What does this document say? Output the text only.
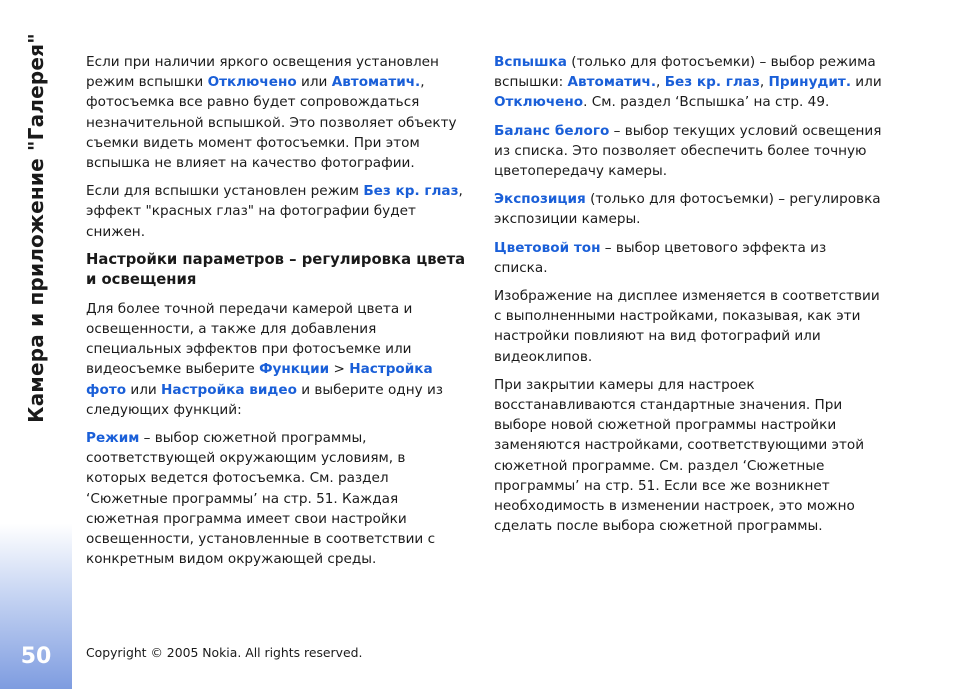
Камера и приложение "Галерея"
50

Если при наличии яркого освещения установлен режим вспышки Отключено или Автоматич., фотосъемка все равно будет сопровождаться незначительной вспышкой. Это позволяет объекту съемки видеть момент фотосъемки. При этом вспышка не влияет на качество фотографии.

Если для вспышки установлен режим Без кр. глаз, эффект "красных глаз" на фотографии будет снижен.

Настройки параметров – регулировка цвета и освещения

Для более точной передачи камерой цвета и освещенности, а также для добавления специальных эффектов при фотосъемке или видеосъемке выберите Функции > Настройка фото или Настройка видео и выберите одну из следующих функций:

Режим – выбор сюжетной программы, соответствующей окружающим условиям, в которых ведется фотосъемка. См. раздел ‘Сюжетные программы’ на стр. 51. Каждая сюжетная программа имеет свои настройки освещенности, установленные в соответствии с конкретным видом окружающей среды.

Вспышка (только для фотосъемки) – выбор режима вспышки: Автоматич., Без кр. глаз, Принудит. или Отключено. См. раздел ‘Вспышка’ на стр. 49.

Баланс белого – выбор текущих условий освещения из списка. Это позволяет обеспечить более точную цветопередачу камеры.

Экспозиция (только для фотосъемки) – регулировка экспозиции камеры.

Цветовой тон – выбор цветового эффекта из списка.

Изображение на дисплее изменяется в соответствии с выполненными настройками, показывая, как эти настройки повлияют на вид фотографий или видеоклипов.

При закрытии камеры для настроек восстанавливаются стандартные значения. При выборе новой сюжетной программы настройки заменяются настройками, соответствующими этой сюжетной программе. См. раздел ‘Сюжетные программы’ на стр. 51. Если все же возникнет необходимость в изменении настроек, это можно сделать после выбора сюжетной программы.

Copyright © 2005 Nokia. All rights reserved.
